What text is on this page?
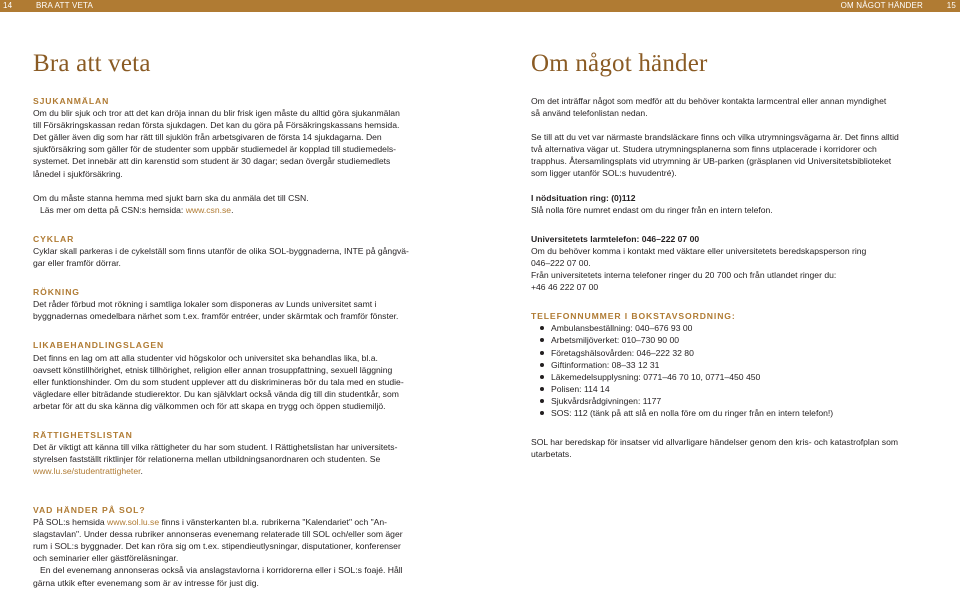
14	BRA ATT VETA	OM NÅGOT HÄNDER	15
Bra att veta	Om något händer
SJUKANMÄLAN

Om du blir sjuk och tror att det kan dröja innan du blir frisk igen måste du alltid göra sjukanmälan

till Försäkringskassan redan första sjukdagen. Det kan du göra på Försäkringskassans hemsida.

Det gäller även dig som har rätt till sjuklön från arbetsgivaren de första 14 sjukdagarna. Den

sjukförsäkring som gäller för de studenter som uppbär studiemedel är kopplad till studiemedels-

systemet. Det innebär att din karenstid som student är 30 dagar; sedan övergår studiemedlets

lånedel i sjukförsäkring.

Om du måste stanna hemma med sjukt barn ska du anmäla det till CSN.

Läs mer om detta på CSN:s hemsida: www.csn.se.

CYKLAR

Cyklar skall parkeras i de cykelställ som finns utanför de olika SOL-byggnaderna, INTE på gångvä-

gar eller framför dörrar.

RÖKNING

Det råder förbud mot rökning i samtliga lokaler som disponeras av Lunds universitet samt i

byggnadernas omedelbara närhet som t.ex. framför entréer, under skärmtak och framför fönster.

LIKABEHANDLINGSLAGEN

Det finns en lag om att alla studenter vid högskolor och universitet ska behandlas lika, bl.a.

oavsett könstillhörighet, etnisk tillhörighet, religion eller annan trosuppfattning, sexuell läggning

eller funktionshinder. Om du som student upplever att du diskrimineras bör du tala med en studie-

vägledare eller biträdande studierektor. Du kan självklart också vända dig till din studentkår, som

arbetar för att du ska känna dig välkommen och för att skapa en trygg och öppen studiemiljö.

RÄTTIGHETSLISTAN

Det är viktigt att känna till vilka rättigheter du har som student. I Rättighetslistan har universitets-

styrelsen fastställt riktlinjer för relationerna mellan utbildningsanordnaren och studenten. Se

www.lu.se/studentrattigheter.

VAD HÄNDER PÅ SOL?

På SOL:s hemsida www.sol.lu.se finns i vänsterkanten bl.a. rubrikerna "Kalendariet" och "An-

slagstavlan". Under dessa rubriker annonseras evenemang relaterade till SOL och/eller som äger

rum i SOL:s byggnader. Det kan röra sig om t.ex. stipendieutlysningar, disputationer, konferenser

och seminarier eller gästföreläsningar.

En del evenemang annonseras också via anslagstavlorna i korridorerna eller i SOL:s foajé. Håll

gärna utkik efter evenemang som är av intresse för just dig.

Om det inträffar något som medför att du behöver kontakta larmcentral eller annan myndighet

så använd telefonlistan nedan.

Se till att du vet var närmaste brandsläckare finns och vilka utrymningsvägarna är. Det finns alltid

två alternativa vägar ut. Studera utrymningsplanerna som finns utplacerade i korridorer och

trapphus. Återsamlingsplats vid utrymning är UB-parken (gräsplanen vid Universitetsbiblioteket

som ligger utanför SOL:s huvudentré).

I nödsituation ring: (0)112

Slå nolla före numret endast om du ringer från en intern telefon.

Universitetets larmtelefon: 046–222 07 00

Om du behöver komma i kontakt med väktare eller universitetets beredskapsperson ring

046–222 07 00.

Från universitetets interna telefoner ringer du 20 700 och från utlandet ringer du:

+46 46 222 07 00

TELEFONNUMMER I BOKSTAVSORDNING:
Ambulansbeställning: 040–676 93 00
Arbetsmiljöverket: 010–730 90 00
Företagshälsovården: 046–222 32 80
Giftinformation: 08–33 12 31
Läkemedelsupplysning: 0771–46 70 10, 0771–450 450
Polisen: 114 14
Sjukvårdsrådgivningen: 1177
SOS: 112 (tänk på att slå en nolla före om du ringer från en intern telefon!)

SOL har beredskap för insatser vid allvarligare händelser genom den kris- och katastrofplan som

utarbetats.
